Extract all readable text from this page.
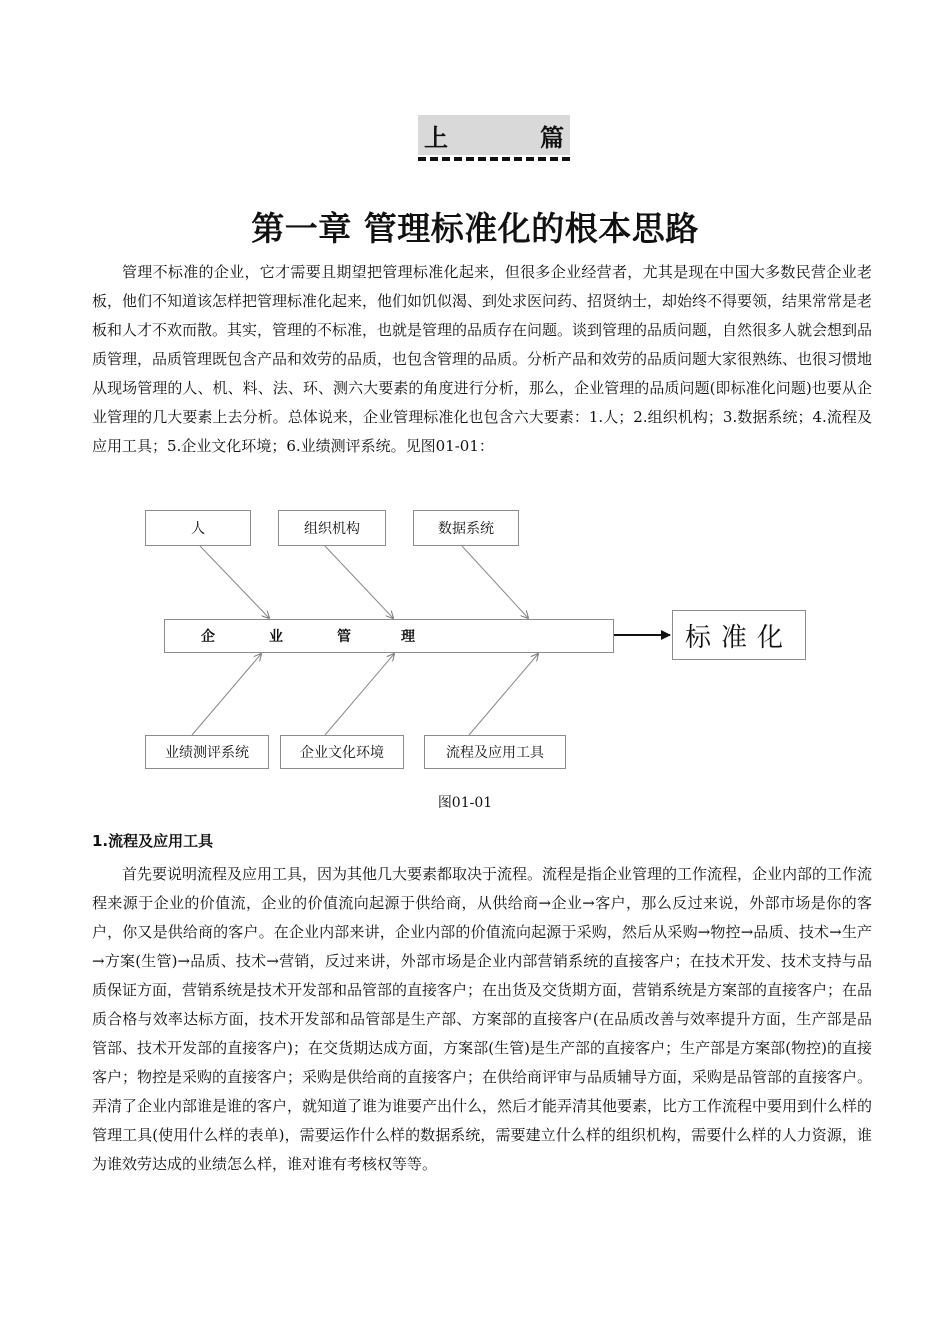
上	篇
第一章 管理标准化的根本思路

管理不标准的企业，它才需要且期望把管理标准化起来，但很多企业经营者，尤其是现在中国大多数民营企业老板，他们不知道该怎样把管理标准化起来，他们如饥似渴、到处求医问药、招贤纳士，却始终不得要领，结果常常是老板和人才不欢而散。其实，管理的不标准，也就是管理的品质存在问题。谈到管理的品质问题，自然很多人就会想到品质管理，品质管理既包含产品和效劳的品质，也包含管理的品质。分析产品和效劳的品质问题大家很熟练、也很习惯地从现场管理的人、机、料、法、环、测六大要素的角度进行分析，那么，企业管理的品质问题(即标准化问题)也要从企业管理的几大要素上去分析。总体说来，企业管理标准化也包含六大要素：1.人；2.组织机构；3.数据系统；4.流程及应用工具；5.企业文化环境；6.业绩测评系统。见图01-01：

人	组织机构	数据系统
企	业	管	理	标准化
业绩测评系统	企业文化环境	流程及应用工具
图01-01
1.流程及应用工具

首先要说明流程及应用工具，因为其他几大要素都取决于流程。流程是指企业管理的工作流程，企业内部的工作流程来源于企业的价值流，企业的价值流向起源于供给商，从供给商→企业→客户，那么反过来说，外部市场是你的客户，你又是供给商的客户。在企业内部来讲，企业内部的价值流向起源于采购，然后从采购→物控→品质、技术→生产→方案(生管)→品质、技术→营销，反过来讲，外部市场是企业内部营销系统的直接客户；在技术开发、技术支持与品质保证方面，营销系统是技术开发部和品管部的直接客户；在出货及交货期方面，营销系统是方案部的直接客户；在品质合格与效率达标方面，技术开发部和品管部是生产部、方案部的直接客户(在品质改善与效率提升方面，生产部是品管部、技术开发部的直接客户)；在交货期达成方面，方案部(生管)是生产部的直接客户；生产部是方案部(物控)的直接客户；物控是采购的直接客户；采购是供给商的直接客户；在供给商评审与品质辅导方面，采购是品管部的直接客户。弄清了企业内部谁是谁的客户，就知道了谁为谁要产出什么，然后才能弄清其他要素，比方工作流程中要用到什么样的管理工具(使用什么样的表单)，需要运作什么样的数据系统，需要建立什么样的组织机构，需要什么样的人力资源，谁为谁效劳达成的业绩怎么样，谁对谁有考核权等等。
